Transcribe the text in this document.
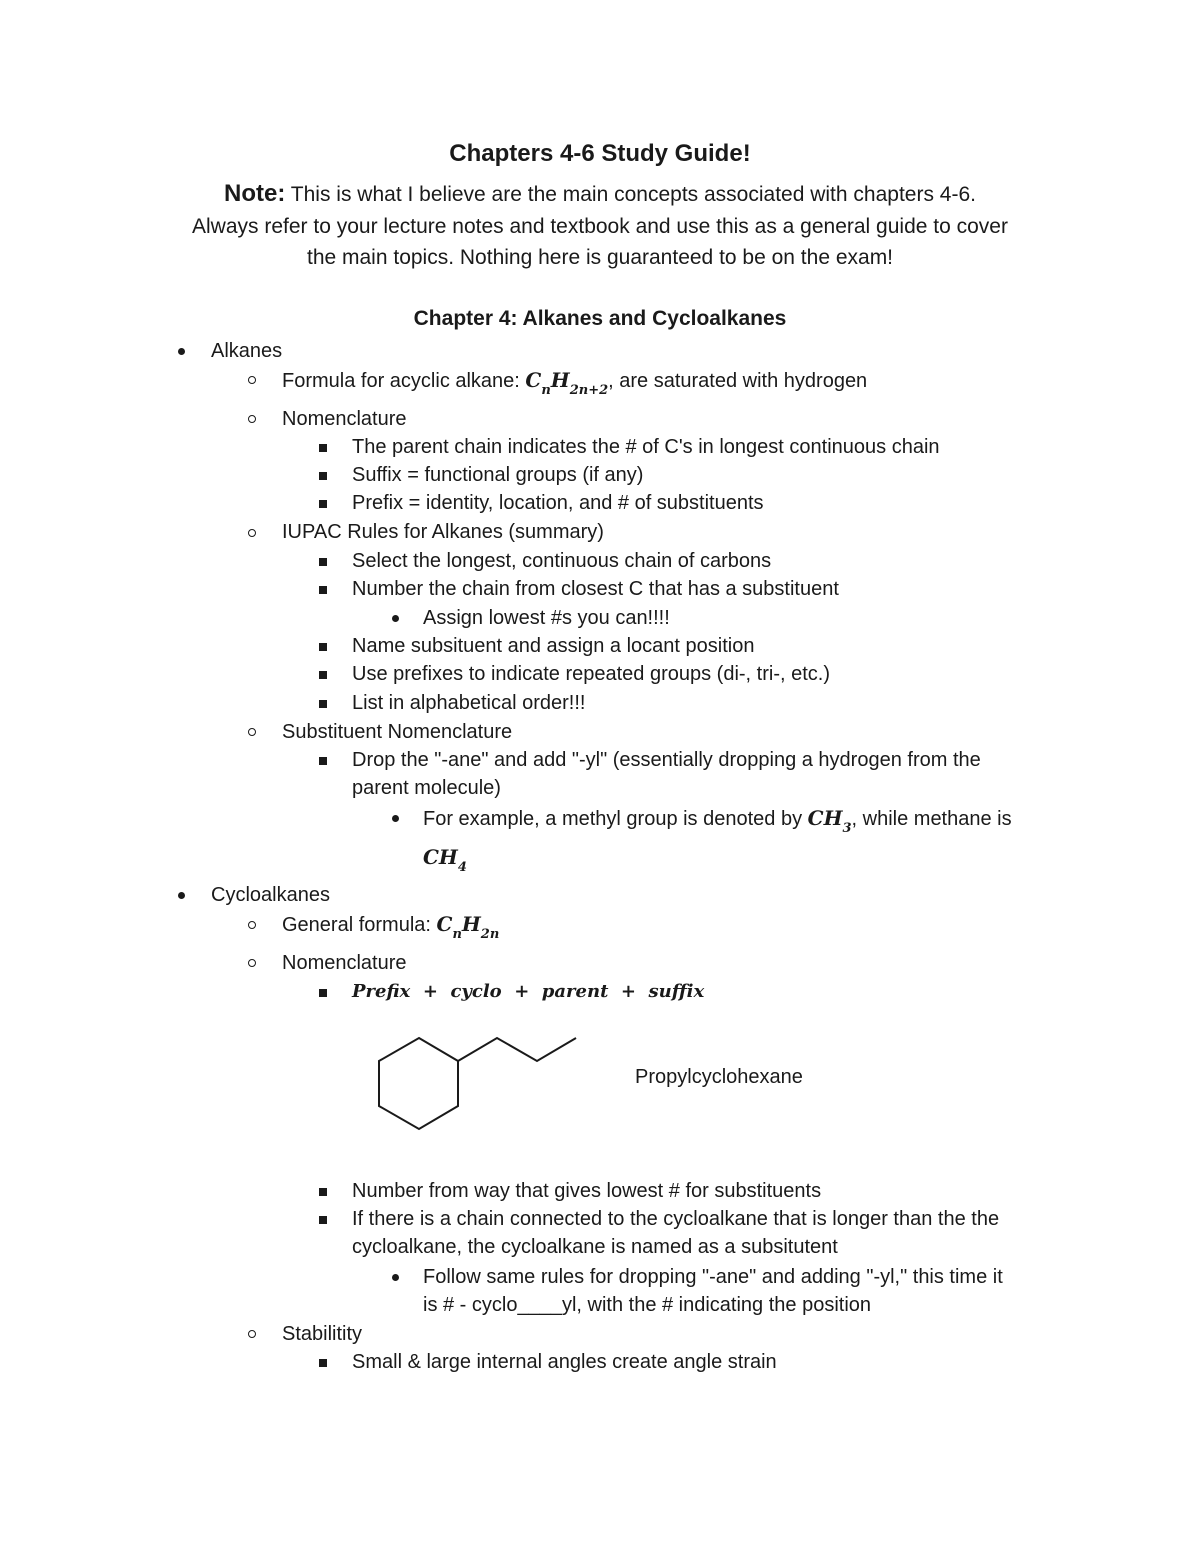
Chapters 4-6 Study Guide!
Note: This is what I believe are the main concepts associated with chapters 4-6.
Always refer to your lecture notes and textbook and use this as a general guide to cover
the main topics. Nothing here is guaranteed to be on the exam!
Chapter 4: Alkanes and Cycloalkanes
Alkanes
Formula for acyclic alkane: $C_nH_{2n+2}$, are saturated with hydrogen
Nomenclature
The parent chain indicates the # of C's in longest continuous chain
Suffix = functional groups (if any)
Prefix = identity, location, and # of substituents
IUPAC Rules for Alkanes (summary)
Select the longest, continuous chain of carbons
Number the chain from closest C that has a substituent
Assign lowest #s you can!!!!
Name subsituent and assign a locant position
Use prefixes to indicate repeated groups (di-, tri-, etc.)
List in alphabetical order!!!
Substituent Nomenclature
Drop the "-ane" and add "-yl" (essentially dropping a hydrogen from the
parent molecule)
For example, a methyl group is denoted by $CH_3$, while methane is
$CH_4$
Cycloalkanes
General formula: $C_nH_{2n}$
Nomenclature
Prefix  +  cyclo  +  parent  +  suffix
Propylcyclohexane
Number from way that gives lowest # for substituents
If there is a chain connected to the cycloalkane that is longer than the the
cycloalkane, the cycloalkane is named as a subsitutent
Follow same rules for dropping "-ane" and adding "-yl," this time it
is # - cyclo____yl, with the # indicating the position
Stabilitity
Small & large internal angles create angle strain
